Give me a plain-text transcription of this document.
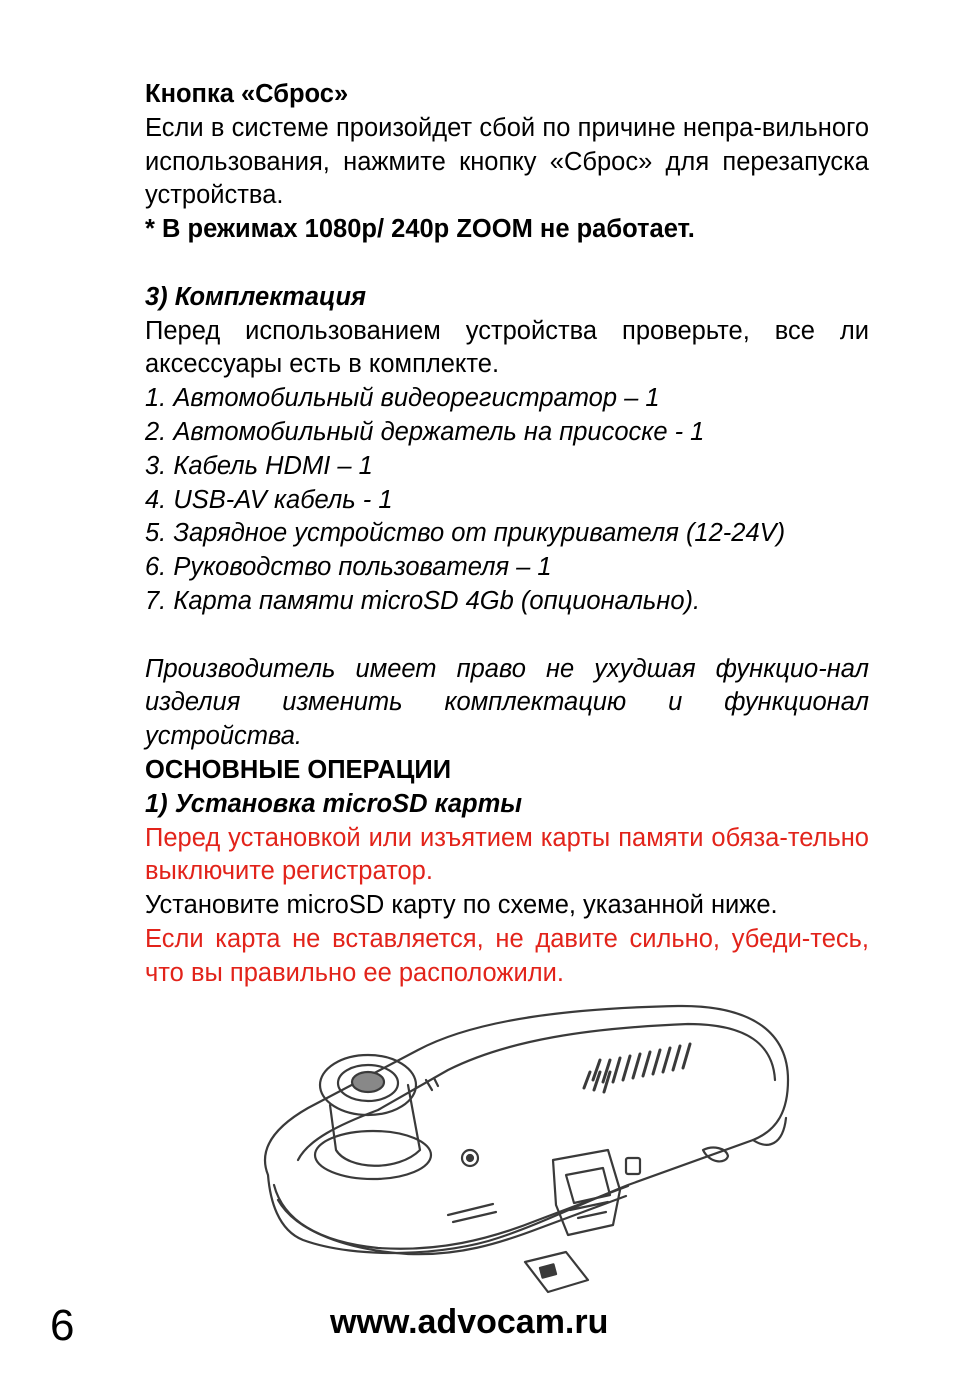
Кнопка «Сброс»

Если в системе произойдет сбой по причине непра-вильного использования, нажмите кнопку «Сброс» для перезапуска устройства.

* В режимах 1080p/ 240p ZOOM не работает.

3) Комплектация

Перед использованием устройства проверьте, все ли аксессуары есть в комплекте.

1. Автомобильный видеорегистратор – 1

2. Автомобильный держатель на присоске - 1

3. Кабель HDMI – 1

4. USB-AV кабель - 1

5. Зарядное устройство от прикуривателя (12-24V)

6. Руководство пользователя – 1

7. Карта памяти microSD 4Gb (опционально).

Производитель имеет право не ухудшая функцио-нал изделия изменить комплектацию и функционал устройства.

ОСНОВНЫЕ ОПЕРАЦИИ

1) Установка microSD карты

Перед установкой или изъятием карты памяти обяза-тельно выключите регистратор.

Установите microSD карту по схеме, указанной ниже.

Если карта не вставляется, не давите сильно, убеди-тесь, что вы правильно ее расположили.

6	www.advocam.ru
